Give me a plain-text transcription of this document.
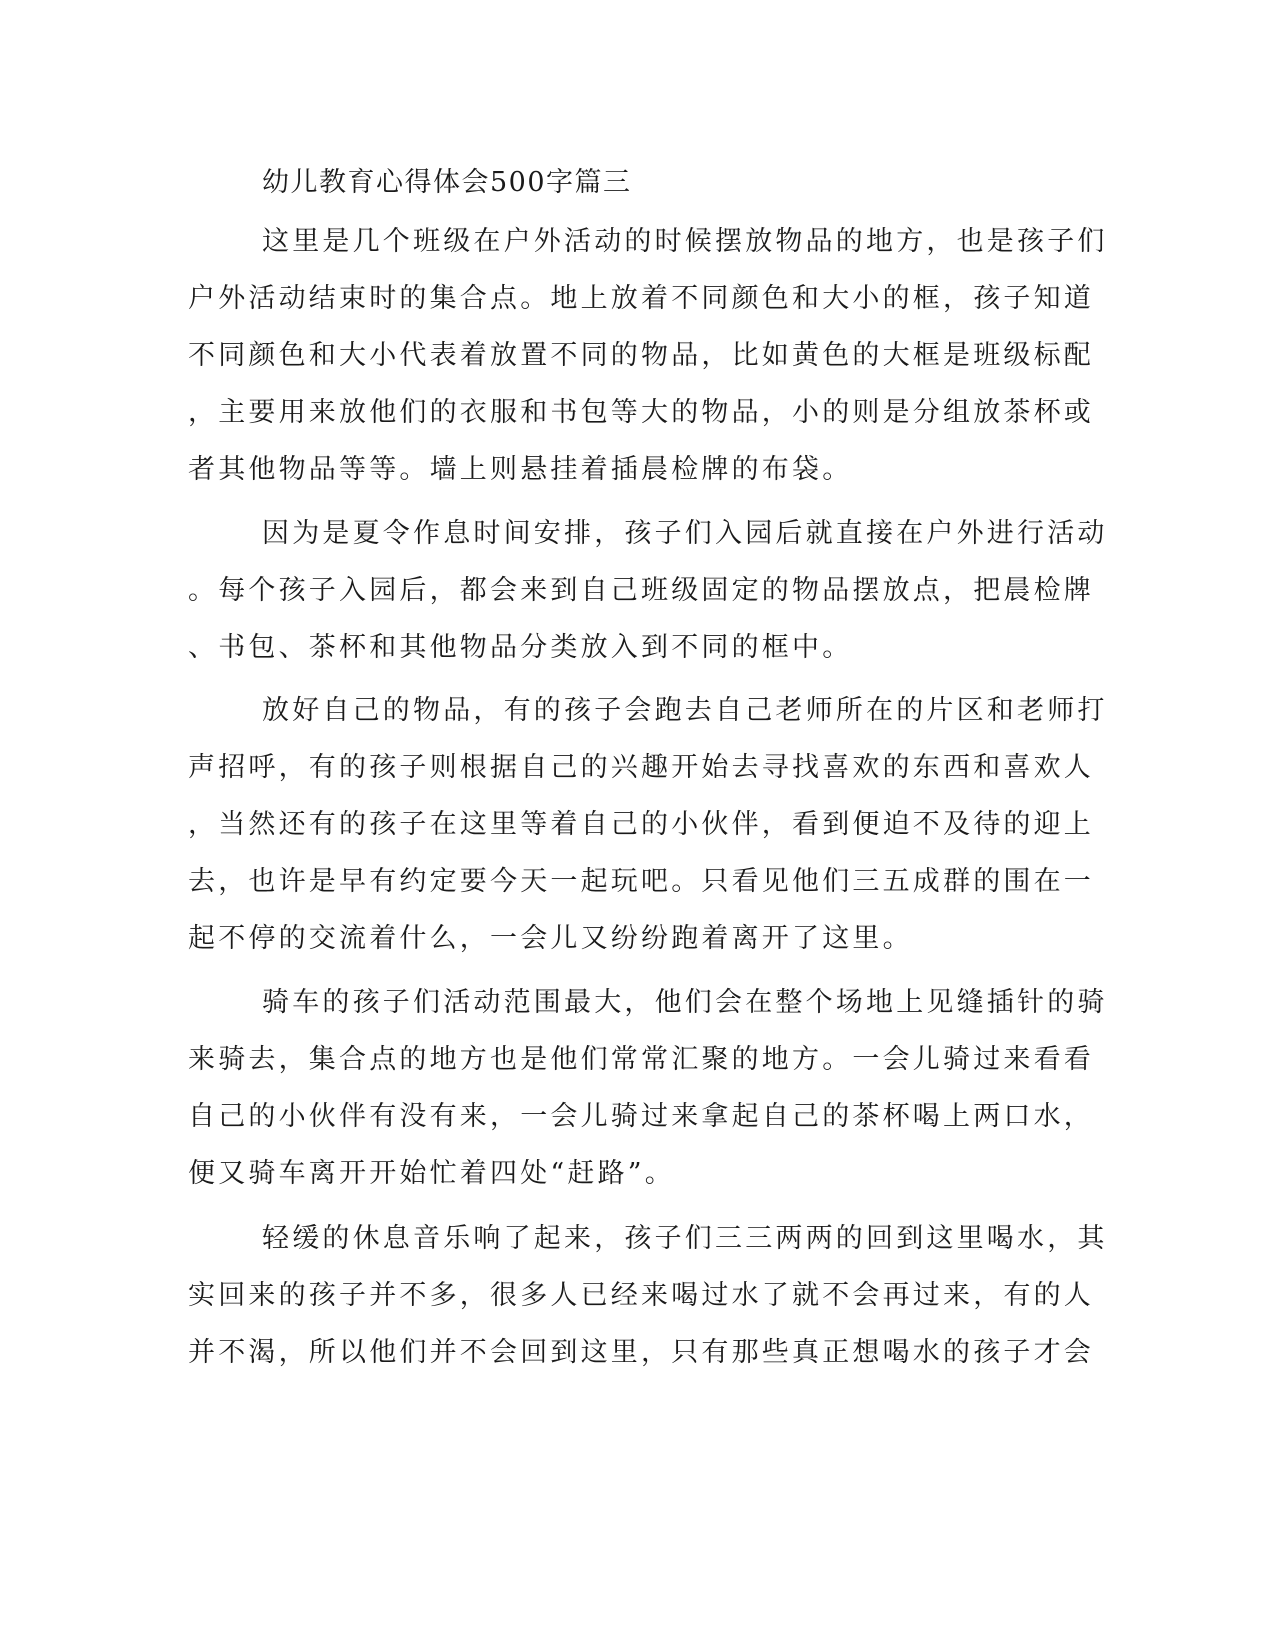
幼儿教育心得体会500字篇三
这里是几个班级在户外活动的时候摆放物品的地方，也是孩子们
户外活动结束时的集合点。地上放着不同颜色和大小的框，孩子知道
不同颜色和大小代表着放置不同的物品，比如黄色的大框是班级标配
，主要用来放他们的衣服和书包等大的物品，小的则是分组放茶杯或
者其他物品等等。墙上则悬挂着插晨检牌的布袋。
因为是夏令作息时间安排，孩子们入园后就直接在户外进行活动
。每个孩子入园后，都会来到自己班级固定的物品摆放点，把晨检牌
、书包、茶杯和其他物品分类放入到不同的框中。
放好自己的物品，有的孩子会跑去自己老师所在的片区和老师打
声招呼，有的孩子则根据自己的兴趣开始去寻找喜欢的东西和喜欢人
，当然还有的孩子在这里等着自己的小伙伴，看到便迫不及待的迎上
去，也许是早有约定要今天一起玩吧。只看见他们三五成群的围在一
起不停的交流着什么，一会儿又纷纷跑着离开了这里。
骑车的孩子们活动范围最大，他们会在整个场地上见缝插针的骑
来骑去，集合点的地方也是他们常常汇聚的地方。一会儿骑过来看看
自己的小伙伴有没有来，一会儿骑过来拿起自己的茶杯喝上两口水，
便又骑车离开开始忙着四处“赶路”。
轻缓的休息音乐响了起来，孩子们三三两两的回到这里喝水，其
实回来的孩子并不多，很多人已经来喝过水了就不会再过来，有的人
并不渴，所以他们并不会回到这里，只有那些真正想喝水的孩子才会
